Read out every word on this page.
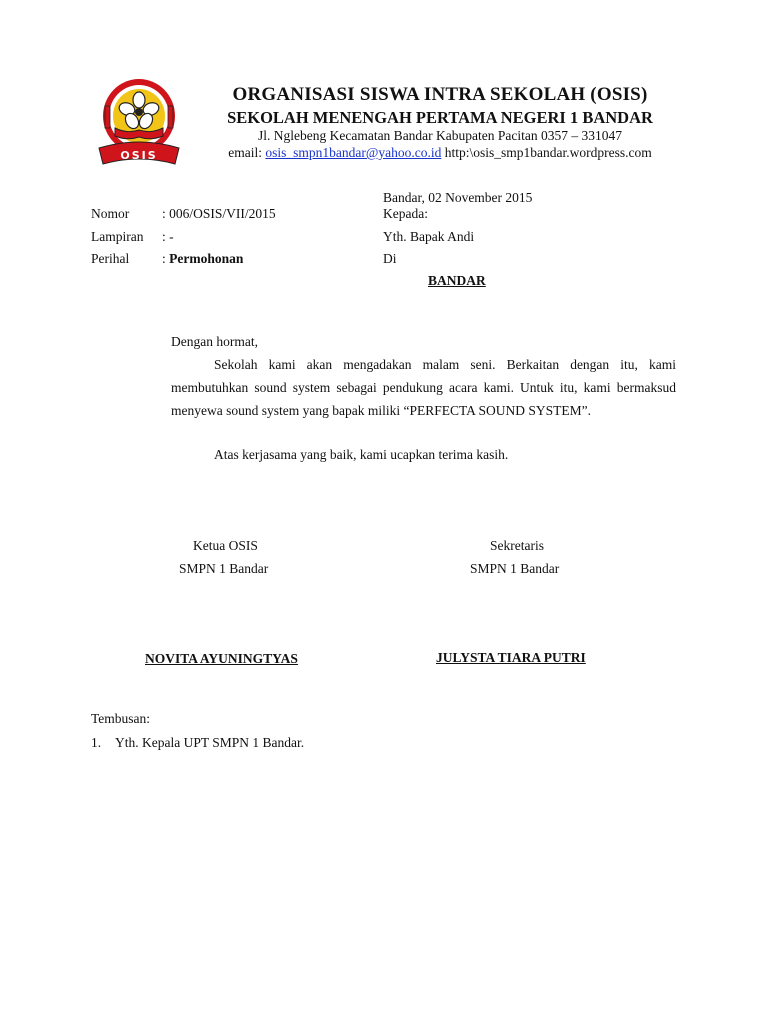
OSIS
ORGANISASI SISWA INTRA SEKOLAH (OSIS)
SEKOLAH MENENGAH PERTAMA NEGERI 1 BANDAR
Jl. Nglebeng Kecamatan Bandar Kabupaten Pacitan 0357 – 331047
email: osis_smpn1bandar@yahoo.co.id http:\osis_smp1bandar.wordpress.com
Bandar, 02 November 2015
Nomor : 006/OSIS/VII/2015	Kepada:
Lampiran : -	Yth. Bapak Andi
Perihal : Permohonan	Di
BANDAR
Dengan hormat,
Sekolah kami akan mengadakan malam seni. Berkaitan dengan itu, kami membutuhkan sound system sebagai pendukung acara kami. Untuk itu, kami bermaksud menyewa sound system yang bapak miliki “PERFECTA SOUND SYSTEM”.
Atas kerjasama yang baik, kami ucapkan terima kasih.
Ketua OSIS
SMPN 1 Bandar
NOVITA AYUNINGTYAS
Sekretaris
SMPN 1 Bandar
JULYSTA TIARA PUTRI
Tembusan:
1. Yth. Kepala UPT SMPN 1 Bandar.
